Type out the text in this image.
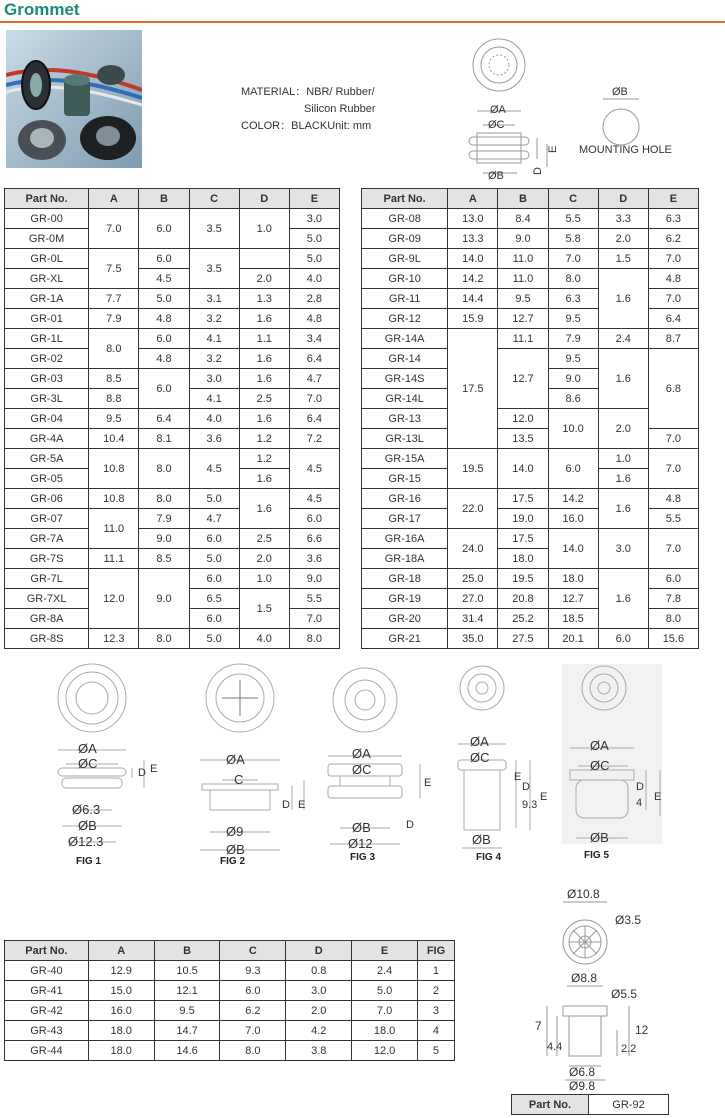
Grommet
MATERIAL：NBR/ Rubber/
Silicon Rubber
COLOR：BLACKUnit: mm
ØA
ØC
ØB
E
D
ØB
MOUNTING HOLE
Part No.	A	B	C	D	E
GR-00	7.0	6.0	3.5	1.0	3.0
GR-0M					5.0
GR-0L	7.5	6.0	3.5		5.0
GR-XL		4.5		2.0	4.0
GR-1A	7.7	5.0	3.1	1.3	2.8
GR-01	7.9	4.8	3.2	1.6	4.8
GR-1L	8.0	6.0	4.1	1.1	3.4
GR-02		4.8	3.2	1.6	6.4
GR-03	8.5	6.0	3.0	1.6	4.7
GR-3L	8.8		4.1	2.5	7.0
GR-04	9.5	6.4	4.0	1.6	6.4
GR-4A	10.4	8.1	3.6	1.2	7.2
GR-5A	10.8	8.0	4.5	1.2	4.5
GR-05				1.6	
GR-06	10.8	8.0	5.0	1.6	4.5
GR-07	11.0	7.9	4.7		6.0
GR-7A		9.0	6.0	2.5	6.6
GR-7S	11.1	8.5	5.0	2.0	3.6
GR-7L	12.0	9.0	6.0	1.0	9.0
GR-7XL			6.5	1.5	5.5
GR-8A			6.0		7.0
GR-8S	12.3	8.0	5.0	4.0	8.0
Part No.	A	B	C	D	E
GR-08	13.0	8.4	5.5	3.3	6.3
GR-09	13.3	9.0	5.8	2.0	6.2
GR-9L	14.0	11.0	7.0	1.5	7.0
GR-10	14.2	11.0	8.0	1.6	4.8
GR-11	14.4	9.5	6.3		7.0
GR-12	15.9	12.7	9.5		6.4
GR-14A	17.5	11.1	7.9	2.4	8.7
GR-14		12.7	9.5	1.6	6.8
GR-14S			9.0		
GR-14L			8.6		
GR-13		12.0	10.0	2.0	
GR-13L		13.5			7.0
GR-15A	19.5	14.0	6.0	1.0	7.0
GR-15				1.6	
GR-16	22.0	17.5	14.2	1.6	4.8
GR-17		19.0	16.0		5.5
GR-16A	24.0	17.5	14.0	3.0	7.0
GR-18A		18.0			
GR-18	25.0	19.5	18.0	1.6	6.0
GR-19	27.0	20.8	12.7		7.8
GR-20	31.4	25.2	18.5		8.0
GR-21	35.0	27.5	20.1	6.0	15.6
ØA
ØC
D E
Ø6.3
ØB
Ø12.3
ØA
C
D E
Ø9
ØB
ØA
ØC
E
ØB	D
Ø12
ØA
ØC
E
9.3
D
E
ØB
ØA
ØC
4
D
E
ØB
FIG 1	FIG 2	FIG 3	FIG 4	FIG 5
Part No.	A	B	C	D	E	FIG
GR-40	12.9	10.5	9.3	0.8	2.4	1
GR-41	15.0	12.1	6.0	3.0	5.0	2
GR-42	16.0	9.5	6.2	2.0	7.0	3
GR-43	18.0	14.7	7.0	4.2	18.0	4
GR-44	18.0	14.6	8.0	3.8	12.0	5
Ø10.8
Ø3.5
Ø8.8
Ø5.5
7
4.4	2.2
12
Ø6.8
Ø9.8
Part No.	GR-92
